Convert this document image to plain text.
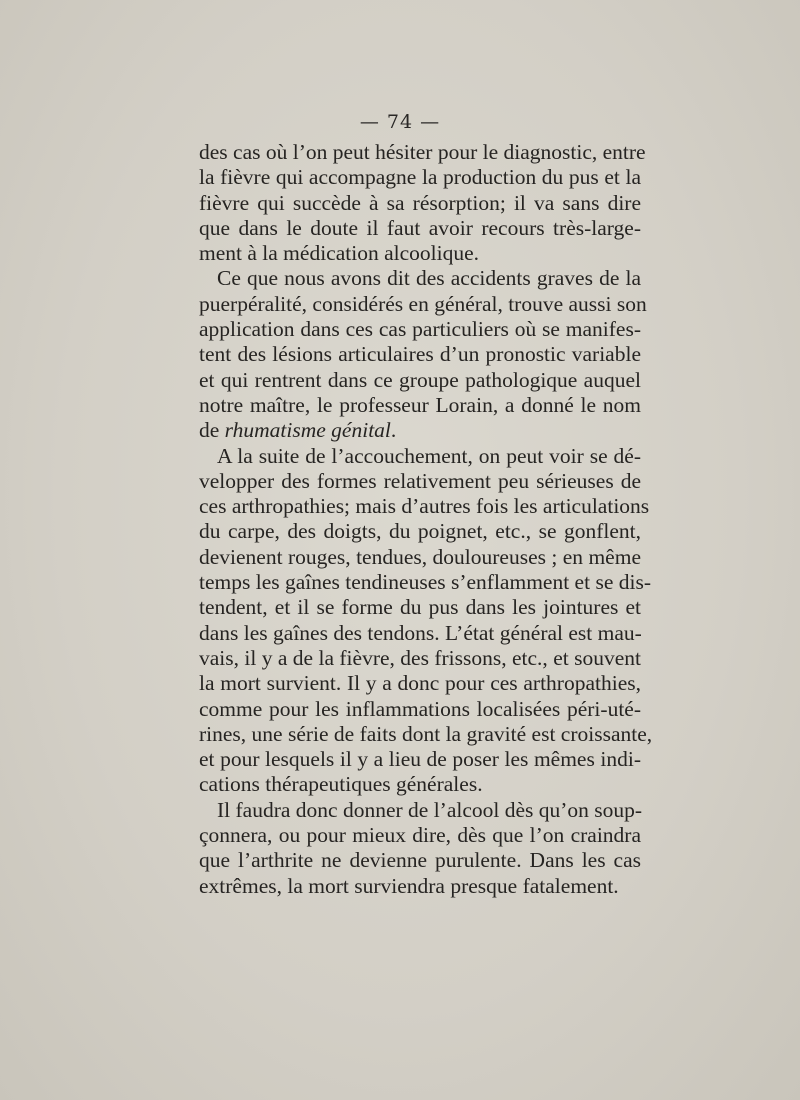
— 74 —
des cas où l’on peut hésiter pour le diagnostic, entre
la fièvre qui accompagne la production du pus et la
fièvre qui succède à sa résorption; il va sans dire
que dans le doute il faut avoir recours très-large-
ment à la médication alcoolique.
Ce que nous avons dit des accidents graves de la
puerpéralité, considérés en général, trouve aussi son
application dans ces cas particuliers où se manifes-
tent des lésions articulaires d’un pronostic variable
et qui rentrent dans ce groupe pathologique auquel
notre maître, le professeur Lorain, a donné le nom
de rhumatisme génital.
A la suite de l’accouchement, on peut voir se dé-
velopper des formes relativement peu sérieuses de
ces arthropathies; mais d’autres fois les articulations
du carpe, des doigts, du poignet, etc., se gonflent,
devienent rouges, tendues, douloureuses ; en même
temps les gaînes tendineuses s’enflamment et se dis-
tendent, et il se forme du pus dans les jointures et
dans les gaînes des tendons. L’état général est mau-
vais, il y a de la fièvre, des frissons, etc., et souvent
la mort survient. Il y a donc pour ces arthropathies,
comme pour les inflammations localisées péri-uté-
rines, une série de faits dont la gravité est croissante,
et pour lesquels il y a lieu de poser les mêmes indi-
cations thérapeutiques générales.
Il faudra donc donner de l’alcool dès qu’on soup-
çonnera, ou pour mieux dire, dès que l’on craindra
que l’arthrite ne devienne purulente. Dans les cas
extrêmes, la mort surviendra presque fatalement.
